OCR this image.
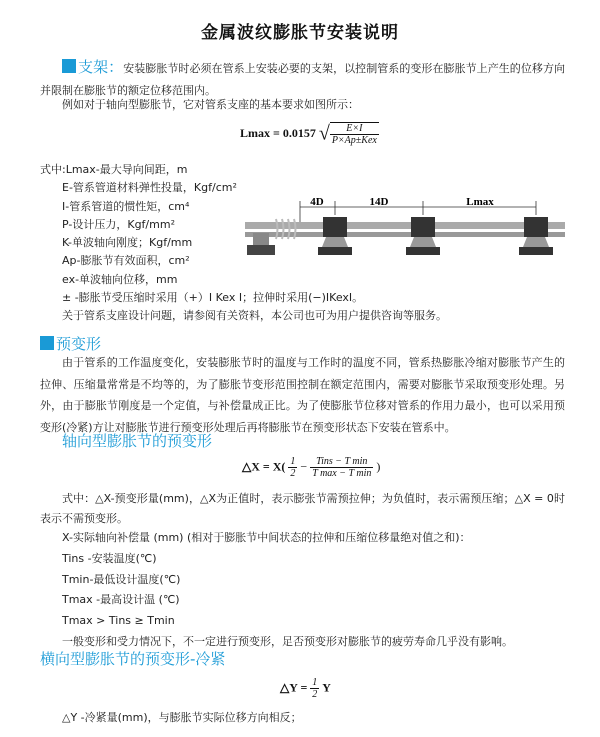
金属波纹膨胀节安装说明
支架：安装膨胀节时必须在管系上安装必要的支架，以控制管系的变形在膨胀节上产生的位移方向并限制在膨胀节的额定位移范围内。
例如对于轴向型膨胀节，它对管系支座的基本要求如图所示：
Lmax = 0.0157 √ $\frac{E\times I}{\text{P×Ap±Kex}}$
式中:Lmax-最大导向间距，m
E-管系管道材料弹性投量，Kgf/cm²
I-管系管道的惯性矩，cm⁴
P-设计压力，Kgf/mm²
K-单波轴向刚度；Kgf/mm
Ap-膨胀节有效面积，cm²
ex-单波轴向位移，mm
± -膨胀节受压缩时采用（+）I Kex I；拉伸时采用(−)IKexI。
关于管系支座设计问题，请参阅有关资料，本公司也可为用户提供咨询等服务。
4D	14D	Lmax
预变形
由于管系的工作温度变化，安装膨胀节时的温度与工作时的温度不同，管系热膨胀冷缩对膨胀节产生的拉伸、压缩量常常是不均等的，为了膨胀节变形范围控制在额定范围内，需要对膨胀节采取预变形处理。另外，由于膨胀节刚度是一个定值，与补偿量成正比。为了使膨胀节位移对管系的作用力最小，也可以采用预变形(冷紧)方让对膨胀节进行预变形处理后再将膨胀节在预变形状态下安装在管系中。
轴向型膨胀节的预变形
△X = $X( \frac{1}{2} - \frac{\text{Tins − T min}}{\text{T max − T min}}$ )
式中：△X-预变形量(mm)，△X为正值时，表示膨张节需预拉伸；为负值时，表示需预压缩；△X = 0时表示不需预变形。
X-实际轴向补偿量 (mm) (相对于膨胀节中间状态的拉伸和压缩位移量绝对值之和)：
Tins -安装温度(℃)
Tmin-最低设计温度(℃)
Tmax -最高设计温 (℃)
Tmax > Tins ≥ Tmin
一般变形和受力情况下，不一定进行预变形，足否预变形对膨胀节的疲劳寿命几乎没有影响。
横向型膨胀节的预变形-冷紧
△Y = $\frac{1}{2}$ Y
△Y -冷紧量(mm)，与膨胀节实际位移方向相反；
